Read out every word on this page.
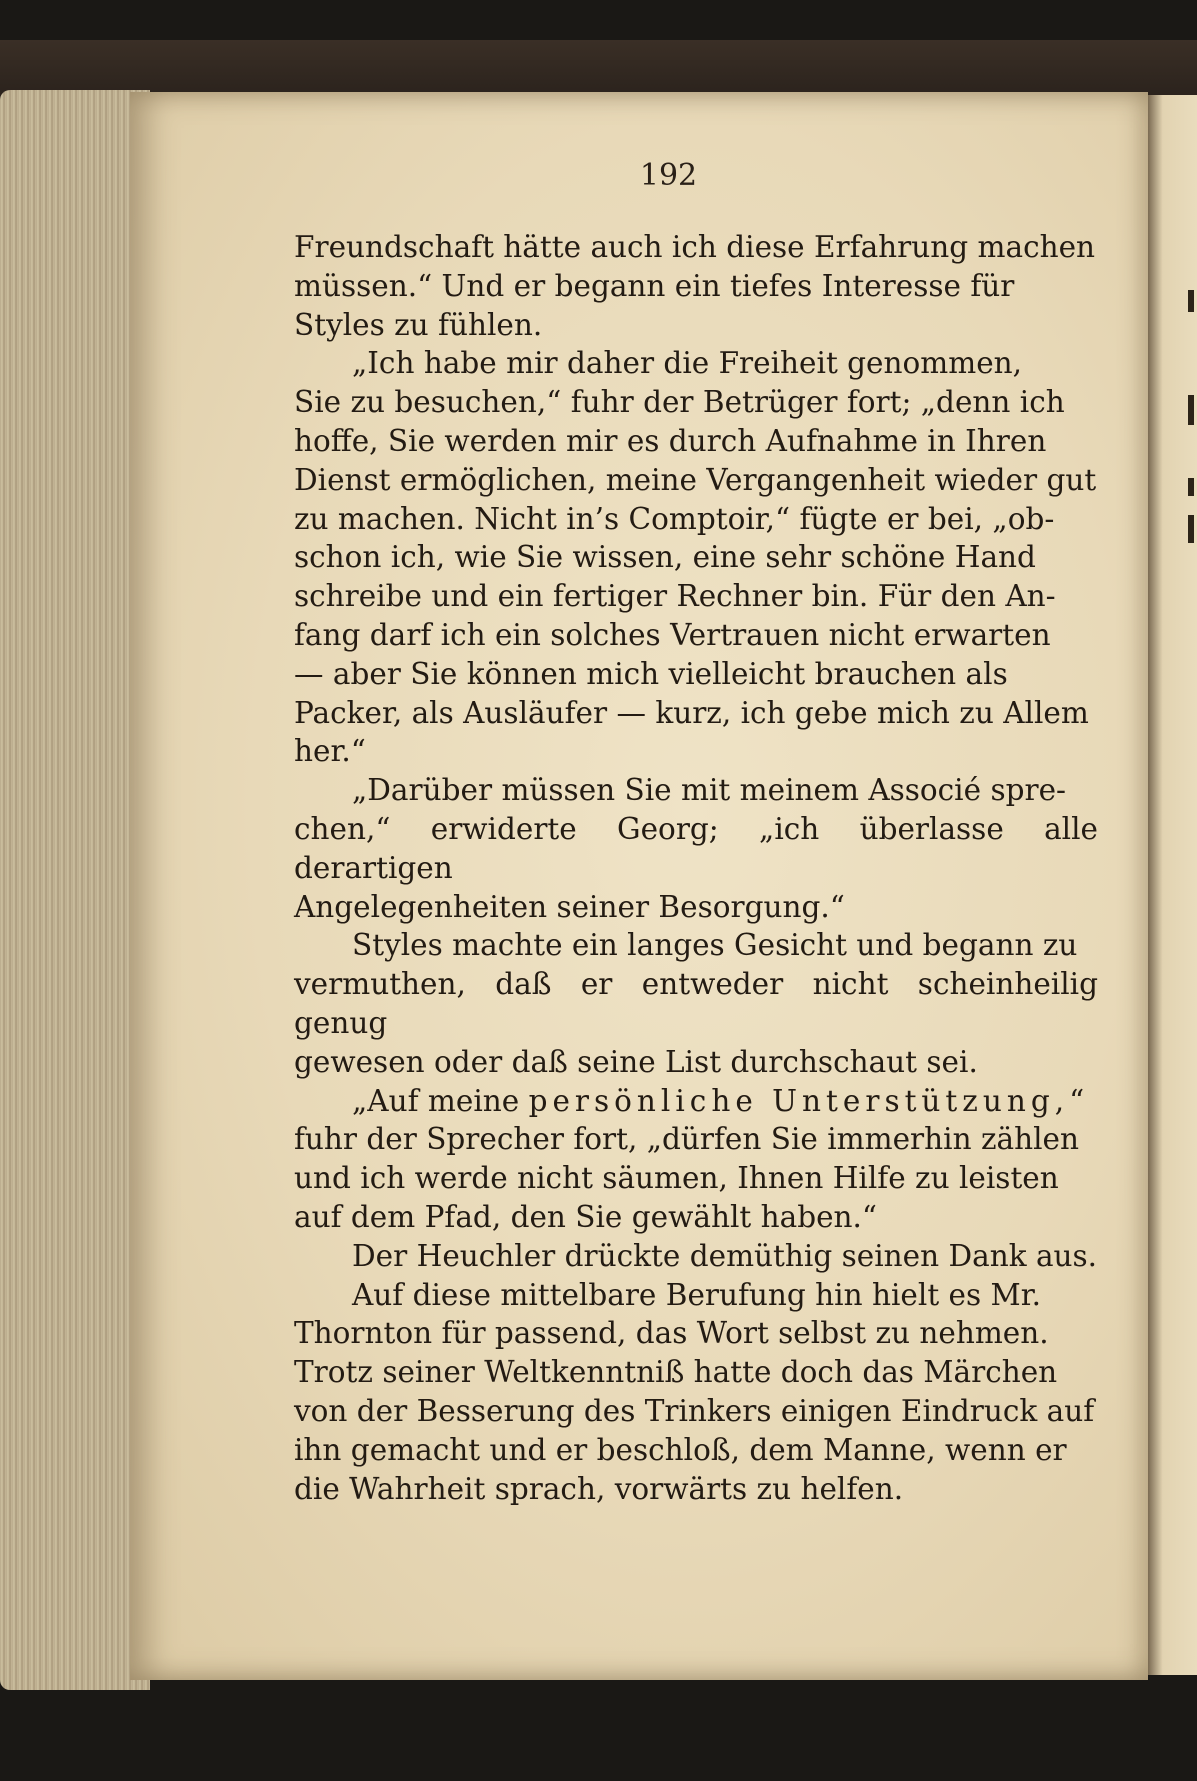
192

Freundschaft hätte auch ich diese Erfahrung machen
müssen.“ Und er begann ein tiefes Interesse für
Styles zu fühlen.

„Ich habe mir daher die Freiheit genommen,
Sie zu besuchen,“ fuhr der Betrüger fort; „denn ich
hoffe, Sie werden mir es durch Aufnahme in Ihren
Dienst ermöglichen, meine Vergangenheit wieder gut
zu machen. Nicht in’s Comptoir,“ fügte er bei, „ob-
schon ich, wie Sie wissen, eine sehr schöne Hand
schreibe und ein fertiger Rechner bin. Für den An-
fang darf ich ein solches Vertrauen nicht erwarten
— aber Sie können mich vielleicht brauchen als
Packer, als Ausläufer — kurz, ich gebe mich zu Allem
her.“

„Darüber müssen Sie mit meinem Associé spre-
chen,“ erwiderte Georg; „ich überlasse alle derartigen
Angelegenheiten seiner Besorgung.“

Styles machte ein langes Gesicht und begann zu
vermuthen, daß er entweder nicht scheinheilig genug
gewesen oder daß seine List durchschaut sei.

„Auf meine persönliche Unterstützung,“
fuhr der Sprecher fort, „dürfen Sie immerhin zählen
und ich werde nicht säumen, Ihnen Hilfe zu leisten
auf dem Pfad, den Sie gewählt haben.“

Der Heuchler drückte demüthig seinen Dank aus.

Auf diese mittelbare Berufung hin hielt es Mr.
Thornton für passend, das Wort selbst zu nehmen.
Trotz seiner Weltkenntniß hatte doch das Märchen
von der Besserung des Trinkers einigen Eindruck auf
ihn gemacht und er beschloß, dem Manne, wenn er
die Wahrheit sprach, vorwärts zu helfen.
